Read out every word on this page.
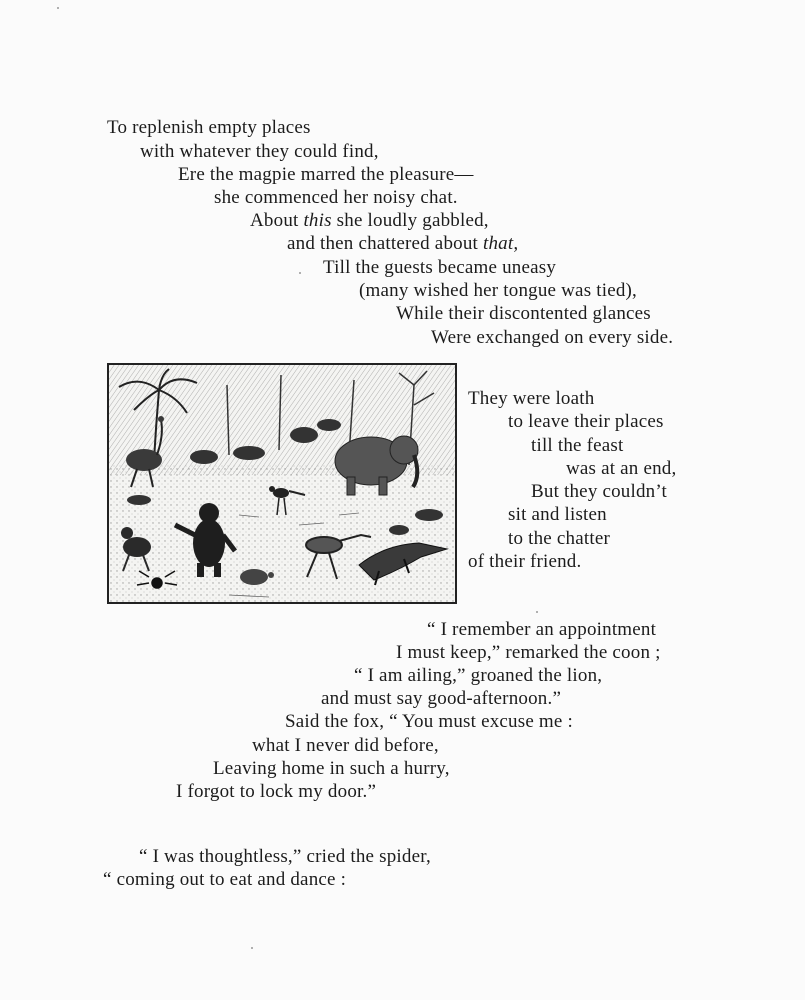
To replenish empty places
with whatever they could find,
Ere the magpie marred the pleasure—
she commenced her noisy chat.
About this she loudly gabbled,
and then chattered about that,
Till the guests became uneasy
(many wished her tongue was tied),
While their discontented glances
Were exchanged on every side.
They were loath
to leave their places
till the feast
was at an end,
But they couldn’t
sit and listen
to the chatter
of their friend.
“ I remember an appointment
I must keep,” remarked the coon ;
“ I am ailing,” groaned the lion,
and must say good-afternoon.”
Said the fox, “ You must excuse me :
what I never did before,
Leaving home in such a hurry,
I forgot to lock my door.”
“ I was thoughtless,” cried the spider,
“ coming out to eat and dance :
